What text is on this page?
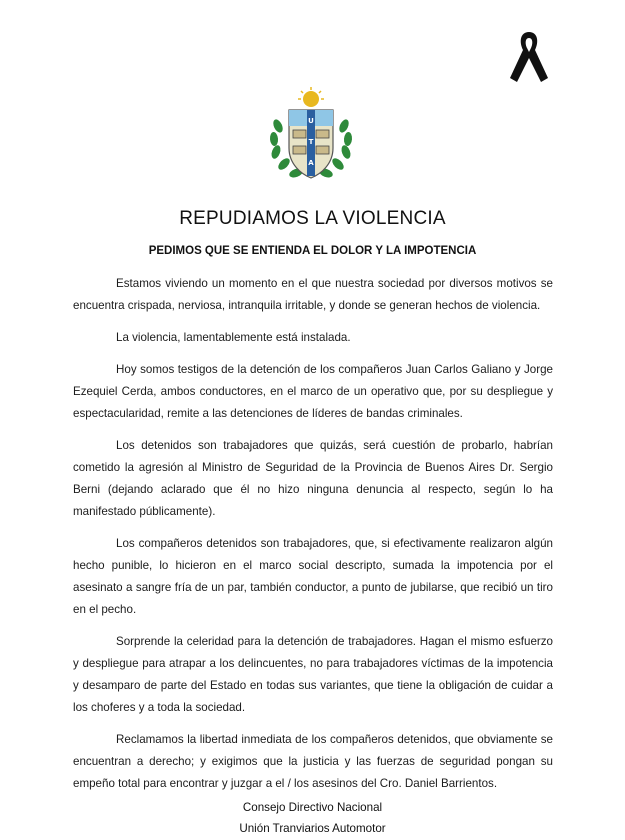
U
T
A
REPUDIAMOS LA VIOLENCIA
PEDIMOS QUE SE ENTIENDA EL DOLOR Y LA IMPOTENCIA

Estamos viviendo un momento en el que nuestra sociedad por diversos motivos se encuentra crispada, nerviosa, intranquila irritable, y donde se generan hechos de violencia.

La violencia, lamentablemente está instalada.

Hoy somos testigos de la detención de los compañeros Juan Carlos Galiano y Jorge Ezequiel Cerda, ambos conductores, en el marco de un operativo que, por su despliegue y espectacularidad, remite a las detenciones de líderes de bandas criminales.

Los detenidos son trabajadores que quizás, será cuestión de probarlo, habrían cometido la agresión al Ministro de Seguridad de la Provincia de Buenos Aires Dr. Sergio Berni (dejando aclarado que él no hizo ninguna denuncia al respecto, según lo ha manifestado públicamente).

Los compañeros detenidos son trabajadores, que, si efectivamente realizaron algún hecho punible, lo hicieron en el marco social descripto, sumada la impotencia por el asesinato a sangre fría de un par, también conductor, a punto de jubilarse, que recibió un tiro en el pecho.

Sorprende la celeridad para la detención de trabajadores. Hagan el mismo esfuerzo y despliegue para atrapar a los delincuentes, no para trabajadores víctimas de la impotencia y desamparo de parte del Estado en todas sus variantes, que tiene la obligación de cuidar a los choferes y a toda la sociedad.

Reclamamos la libertad inmediata de los compañeros detenidos, que obviamente se encuentran a derecho; y exigimos que la justicia y las fuerzas de seguridad pongan su empeño total para encontrar y juzgar a el / los asesinos del Cro. Daniel Barrientos.

Consejo Directivo Nacional
Unión Tranviarios Automotor
